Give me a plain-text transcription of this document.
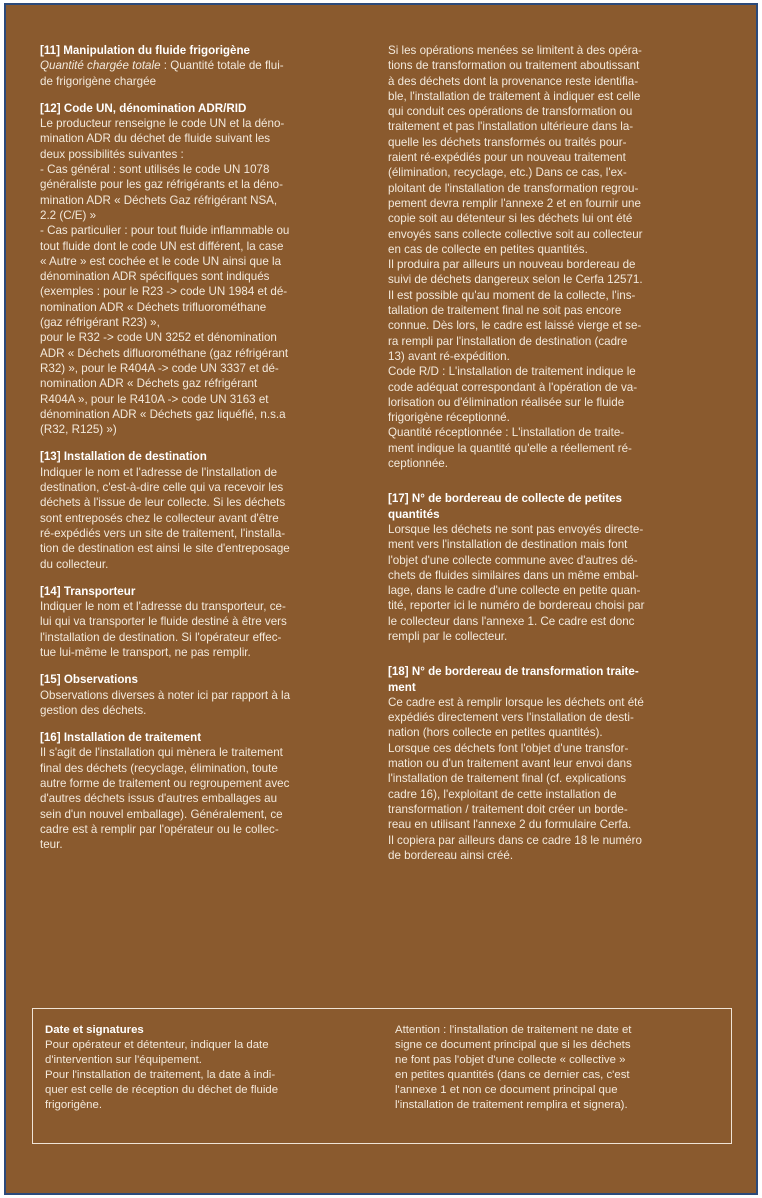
[11] Manipulation du fluide frigorigène
Quantité chargée totale : Quantité totale de flui-
de frigorigène chargée
[12] Code UN, dénomination ADR/RID
Le producteur renseigne le code UN et la déno-
mination ADR du déchet de fluide suivant les
deux possibilités suivantes :
- Cas général : sont utilisés le code UN 1078
généraliste pour les gaz réfrigérants et la déno-
mination ADR « Déchets Gaz réfrigérant NSA,
2.2 (C/E) »
- Cas particulier : pour tout fluide inflammable ou
tout fluide dont le code UN est différent, la case
« Autre » est cochée et le code UN ainsi que la
dénomination ADR spécifiques sont indiqués
(exemples : pour le R23 -> code UN 1984 et dé-
nomination ADR « Déchets trifluorométhane
(gaz réfrigérant R23) »,
pour le R32 -> code UN 3252 et dénomination
ADR « Déchets difluorométhane (gaz réfrigérant
R32) », pour le R404A -> code UN 3337 et dé-
nomination ADR « Déchets gaz réfrigérant
R404A », pour le R410A -> code UN 3163 et
dénomination ADR « Déchets gaz liquéfié, n.s.a
(R32, R125) »)
[13] Installation de destination
Indiquer le nom et l'adresse de l'installation de
destination, c'est-à-dire celle qui va recevoir les
déchets à l'issue de leur collecte. Si les déchets
sont entreposés chez le collecteur avant d'être
ré-expédiés vers un site de traitement, l'installa-
tion de destination est ainsi le site d'entreposage
du collecteur.
[14] Transporteur
Indiquer le nom et l'adresse du transporteur, ce-
lui qui va transporter le fluide destiné à être vers
l'installation de destination. Si l'opérateur effec-
tue lui-même le transport, ne pas remplir.
[15] Observations
Observations diverses à noter ici par rapport à la
gestion des déchets.
[16] Installation de traitement
Il s'agit de l'installation qui mènera le traitement
final des déchets (recyclage, élimination, toute
autre forme de traitement ou regroupement avec
d'autres déchets issus d'autres emballages au
sein d'un nouvel emballage). Généralement, ce
cadre est à remplir par l'opérateur ou le collec-
teur.
Si les opérations menées se limitent à des opéra-
tions de transformation ou traitement aboutissant
à des déchets dont la provenance reste identifia-
ble, l'installation de traitement à indiquer est celle
qui conduit ces opérations de transformation ou
traitement et pas l'installation ultérieure dans la-
quelle les déchets transformés ou traités pour-
raient ré-expédiés pour un nouveau traitement
(élimination, recyclage, etc.) Dans ce cas, l'ex-
ploitant de l'installation de transformation regrou-
pement devra remplir l'annexe 2 et en fournir une
copie soit au détenteur si les déchets lui ont été
envoyés sans collecte collective soit au collecteur
en cas de collecte en petites quantités.
Il produira par ailleurs un nouveau bordereau de
suivi de déchets dangereux selon le Cerfa 12571.
Il est possible qu'au moment de la collecte, l'ins-
tallation de traitement final ne soit pas encore
connue. Dès lors, le cadre est laissé vierge et se-
ra rempli par l'installation de destination (cadre
13) avant ré-expédition.
Code R/D : L'installation de traitement indique le
code adéquat correspondant à l'opération de va-
lorisation ou d'élimination réalisée sur le fluide
frigorigène réceptionné.
Quantité réceptionnée : L'installation de traite-
ment indique la quantité qu'elle a réellement ré-
ceptionnée.
[17] N° de bordereau de collecte de petites
quantités
Lorsque les déchets ne sont pas envoyés directe-
ment vers l'installation de destination mais font
l'objet d'une collecte commune avec d'autres dé-
chets de fluides similaires dans un même embal-
lage, dans le cadre d'une collecte en petite quan-
tité, reporter ici le numéro de bordereau choisi par
le collecteur dans l'annexe 1. Ce cadre est donc
rempli par le collecteur.
[18] N° de bordereau de transformation traite-
ment
Ce cadre est à remplir lorsque les déchets ont été
expédiés directement vers l'installation de desti-
nation (hors collecte en petites quantités).
Lorsque ces déchets font l'objet d'une transfor-
mation ou d'un traitement avant leur envoi dans
l'installation de traitement final (cf. explications
cadre 16), l'exploitant de cette installation de
transformation / traitement doit créer un borde-
reau en utilisant l'annexe 2 du formulaire Cerfa.
Il copiera par ailleurs dans ce cadre 18 le numéro
de bordereau ainsi créé.
Date et signatures
Pour opérateur et détenteur, indiquer la date
d'intervention sur l'équipement.
Pour l'installation de traitement, la date à indi-
quer est celle de réception du déchet de fluide
frigorigène.
Attention : l'installation de traitement ne date et
signe ce document principal que si les déchets
ne font pas l'objet d'une collecte « collective »
en petites quantités (dans ce dernier cas, c'est
l'annexe 1 et non ce document principal que
l'installation de traitement remplira et signera).
